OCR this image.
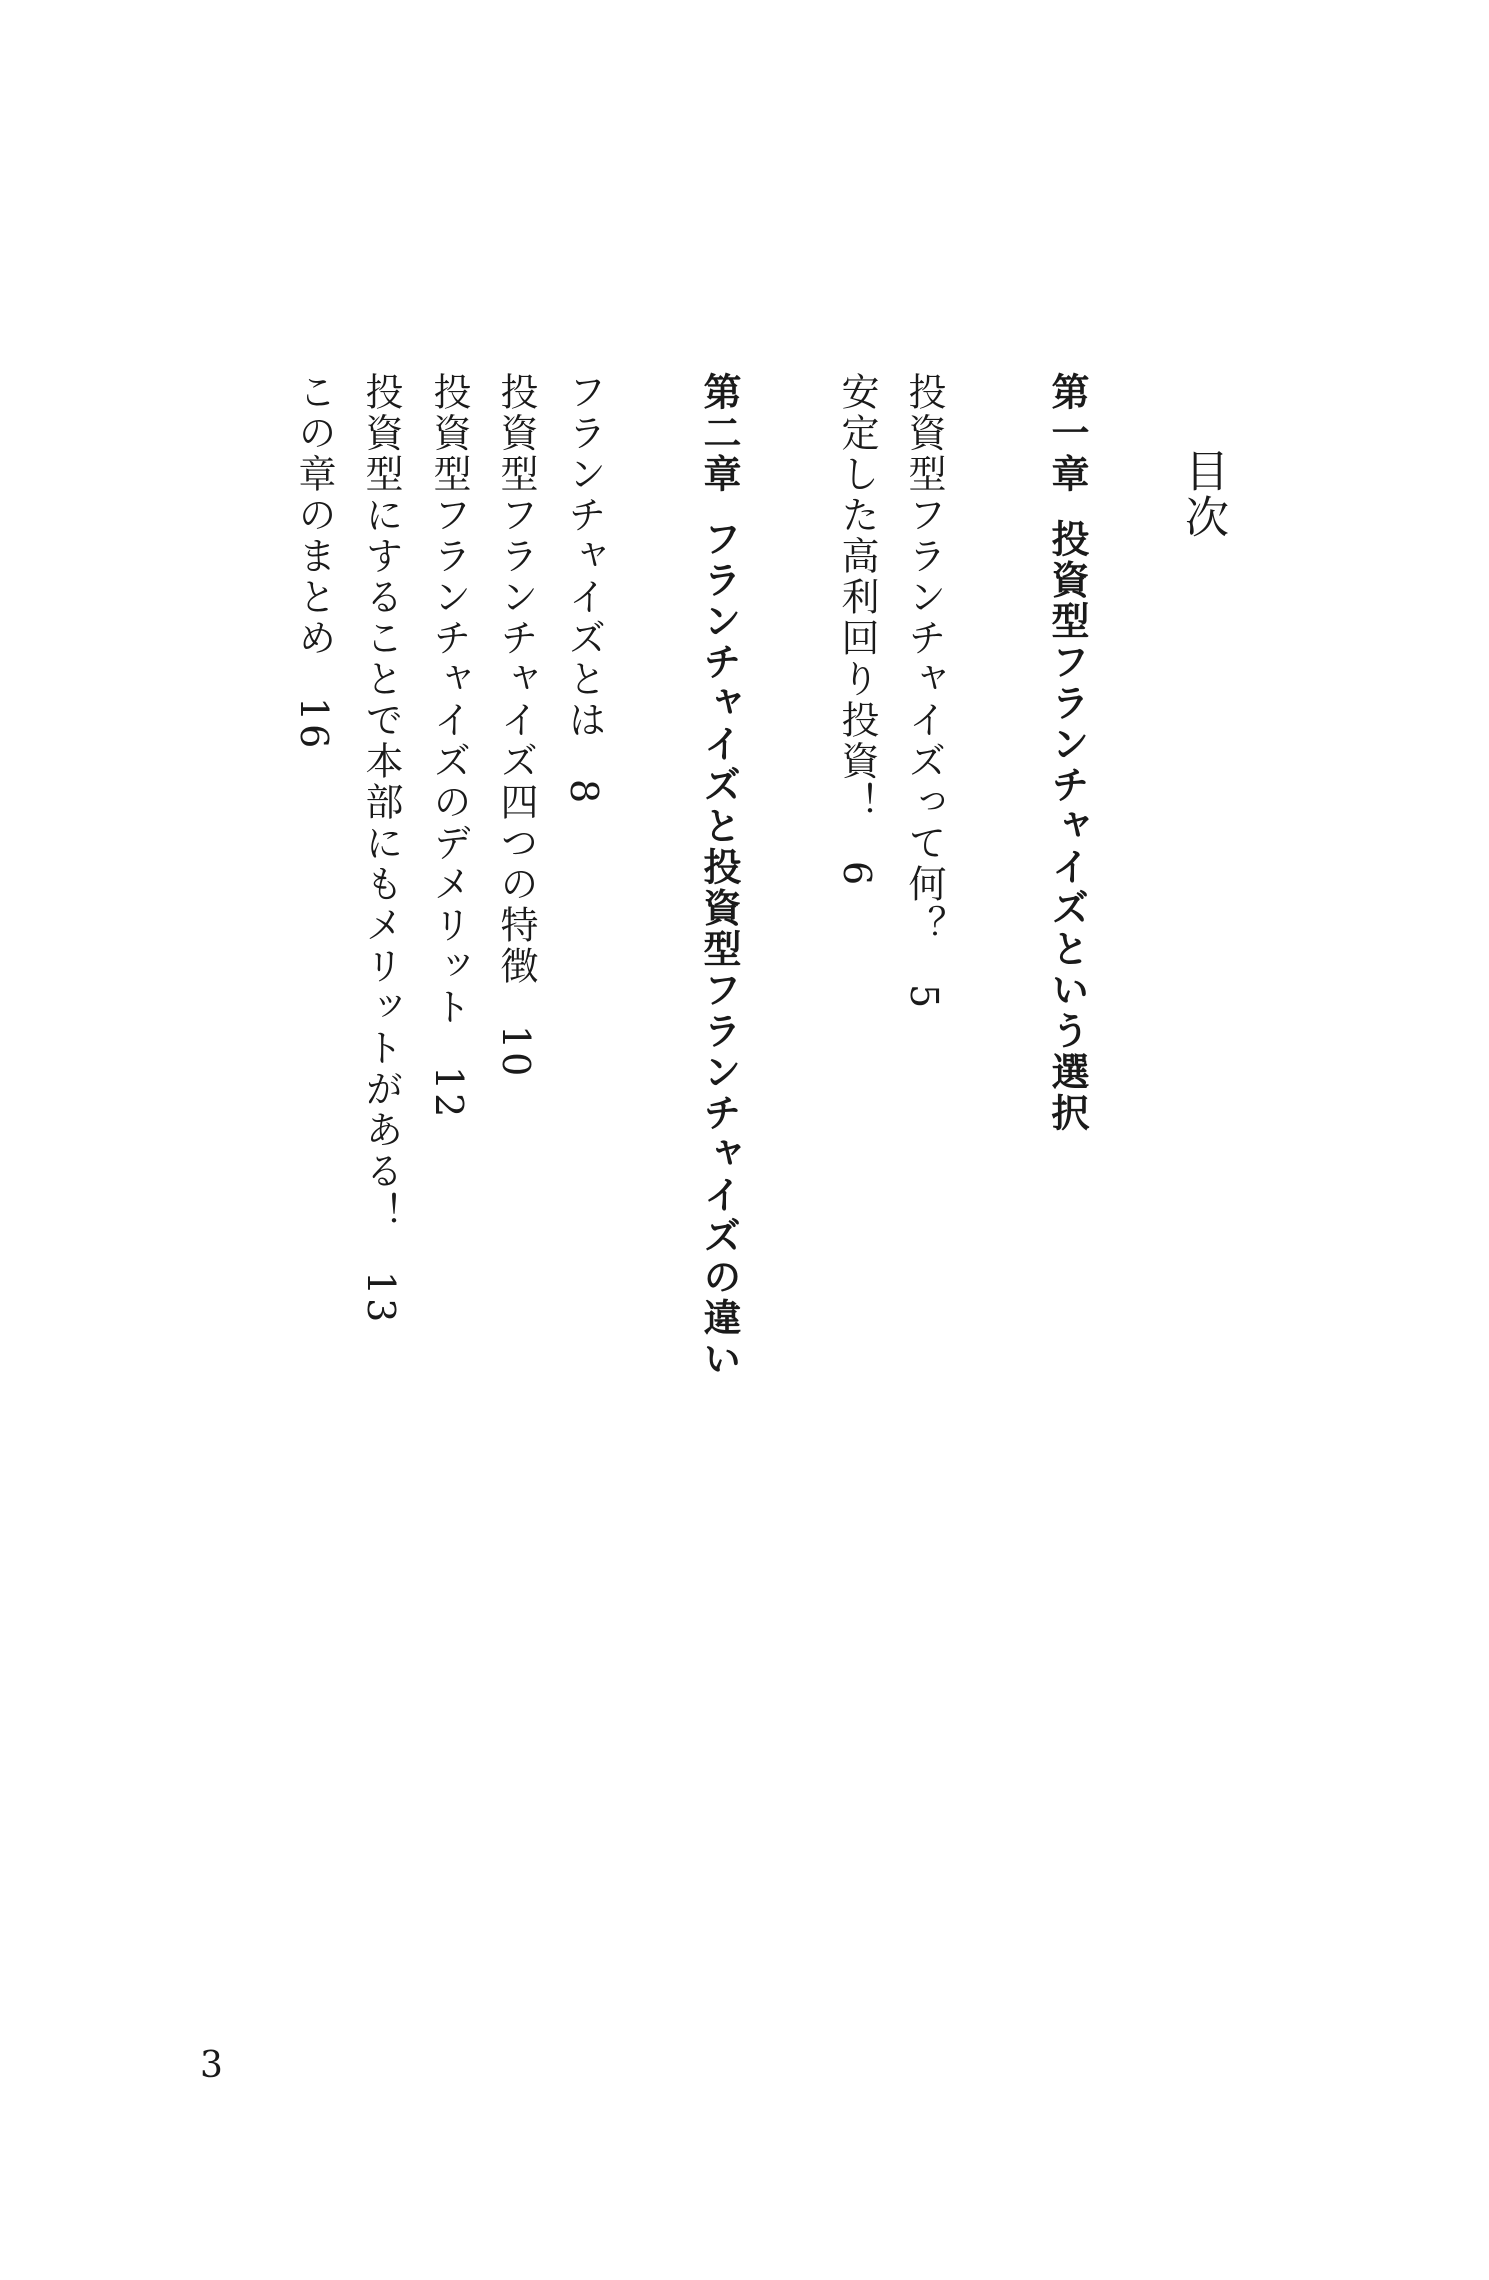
目次
第一章投資型フランチャイズという選択
投資型フランチャイズって何？5
安定した高利回り投資！6
第二章フランチャイズと投資型フランチャイズの違い
フランチャイズとは8
投資型フランチャイズ四つの特徴10
投資型フランチャイズのデメリット12
投資型にすることで本部にもメリットがある！13
この章のまとめ16
3
